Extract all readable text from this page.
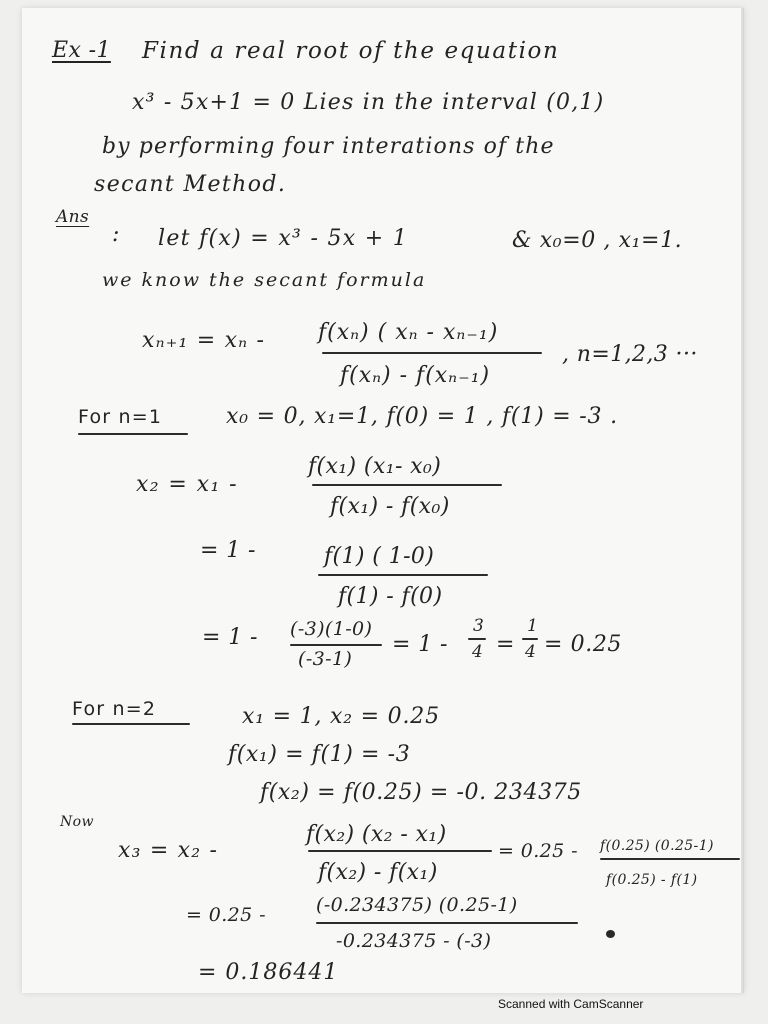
Ex -1 Find a real root of the equation
x³ - 5x+1 = 0 Lies in the interval (0,1)
by performing four interations of the
secant Method.
Ans
: let f(x) = x³ - 5x + 1	& x₀=0 , x₁=1.
we know the secant formula
xₙ₊₁ = xₙ - f(xₙ) ( xₙ - xₙ₋₁)
f(xₙ) - f(xₙ₋₁)
, n=1,2,3 ···
For n=1	x₀ = 0, x₁=1, f(0) = 1 , f(1) = -3 .
x₂ = x₁ -
f(x₁) (x₁- x₀)
f(x₁) - f(x₀)
= 1 -	f(1) ( 1-0)
f(1) - f(0)
= 1 - (-3)(1-0)
(-3-1)
= 1 -
3
4 =
1
4 = 0.25
For n=2	x₁ = 1, x₂ = 0.25
f(x₁) = f(1) = -3
f(x₂) = f(0.25) = -0. 234375
Now
x₃ = x₂ -
f(x₂) (x₂ - x₁)
f(x₂) - f(x₁)
= 0.25 - f(0.25) (0.25-1)
f(0.25) - f(1)
= 0.25 -	(-0.234375) (0.25-1)
-0.234375 - (-3)
= 0.186441
Scanned with CamScanner
